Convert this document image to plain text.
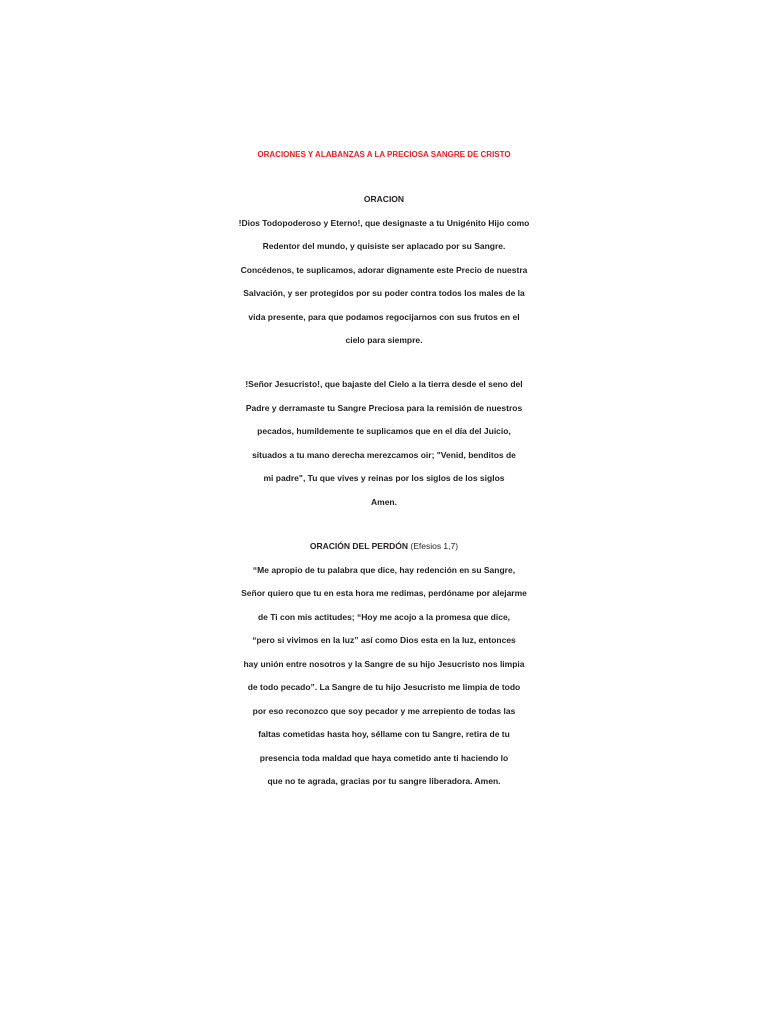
ORACIONES Y ALABANZAS A LA PRECIOSA SANGRE DE CRISTO
ORACION
!Dios Todopoderoso y Eterno!, que designaste a tu Unigénito Hijo como
Redentor del mundo, y quisiste ser aplacado por su Sangre.
Concédenos, te suplicamos, adorar dignamente este Precio de nuestra
Salvación, y ser protegidos por su poder contra todos los males de la
vida presente, para que podamos regocijarnos con sus frutos en el
cielo para siempre.
!Señor Jesucristo!, que bajaste del Cielo a la tierra desde el seno del
Padre y derramaste tu Sangre Preciosa para la remisión de nuestros
pecados, humildemente te suplicamos que en el día del Juicio,
situados a tu mano derecha merezcamos oir; "Venid, benditos de
mi padre", Tu que vives y reinas por los siglos de los siglos
Amen.
ORACIÓN DEL PERDÓN (Efesios 1,7)
“Me apropio de tu palabra que dice, hay redención en su Sangre,
Señor quiero que tu en esta hora me redimas, perdóname por alejarme
de Ti con mis actitudes; “Hoy me acojo a la promesa que dice,
“pero si vivimos en la luz” así como Dios esta en la luz, entonces
hay unión entre nosotros y la Sangre de su hijo Jesucristo nos limpia
de todo pecado”. La Sangre de tu hijo Jesucristo me limpia de todo
por eso reconozco que soy pecador y me arrepiento de todas las
faltas cometidas hasta hoy, séllame con tu Sangre, retira de tu
presencia toda maldad que haya cometido ante ti haciendo lo
que no te agrada, gracias por tu sangre liberadora. Amen.
